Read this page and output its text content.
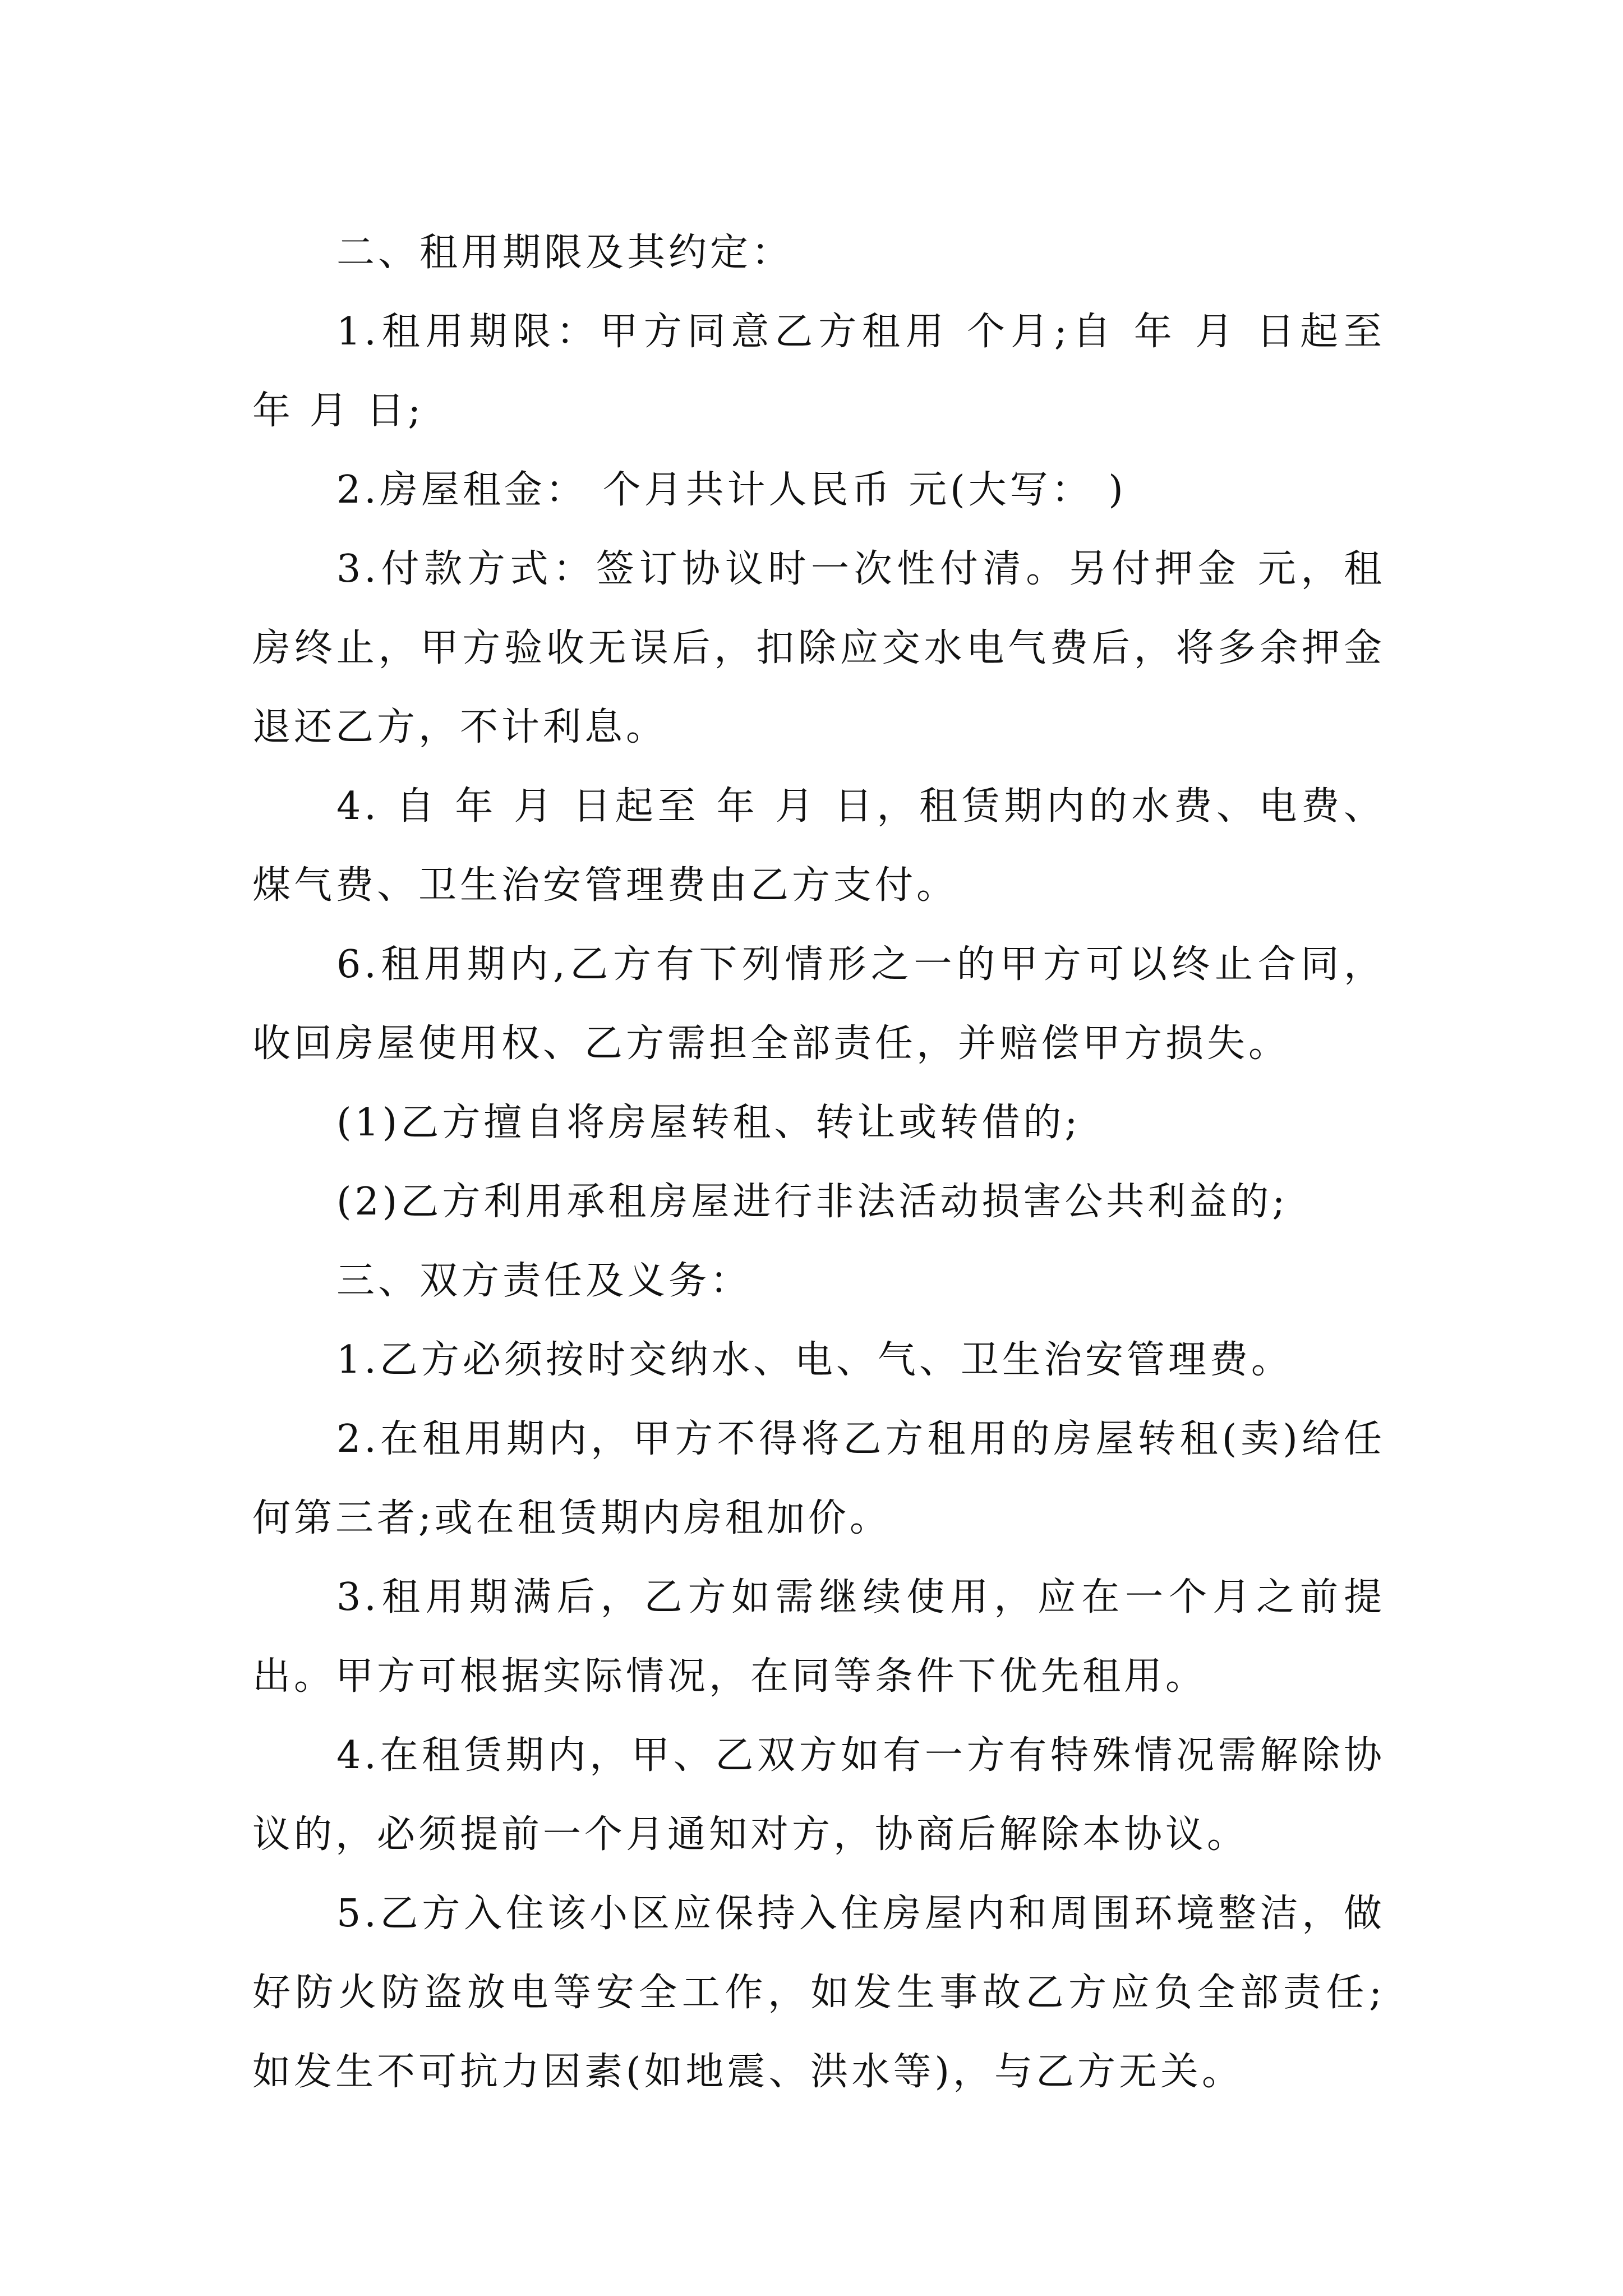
二、租用期限及其约定：

1.租用期限：甲方同意乙方租用 个月;自 年 月 日起至 年 月 日;

2.房屋租金： 个月共计人民币 元(大写： )

3.付款方式：签订协议时一次性付清。另付押金 元，租房终止，甲方验收无误后，扣除应交水电气费后，将多余押金退还乙方，不计利息。

4. 自 年 月 日起至 年 月 日，租赁期内的水费、电费、煤气费、卫生治安管理费由乙方支付。

6.租用期内,乙方有下列情形之一的甲方可以终止合同，收回房屋使用权、乙方需担全部责任，并赔偿甲方损失。

(1)乙方擅自将房屋转租、转让或转借的;

(2)乙方利用承租房屋进行非法活动损害公共利益的;

三、双方责任及义务：

1.乙方必须按时交纳水、电、气、卫生治安管理费。

2.在租用期内，甲方不得将乙方租用的房屋转租(卖)给任何第三者;或在租赁期内房租加价。

3.租用期满后，乙方如需继续使用，应在一个月之前提出。甲方可根据实际情况，在同等条件下优先租用。

4.在租赁期内，甲、乙双方如有一方有特殊情况需解除协议的，必须提前一个月通知对方，协商后解除本协议。

5.乙方入住该小区应保持入住房屋内和周围环境整洁，做好防火防盗放电等安全工作，如发生事故乙方应负全部责任;如发生不可抗力因素(如地震、洪水等)，与乙方无关。
